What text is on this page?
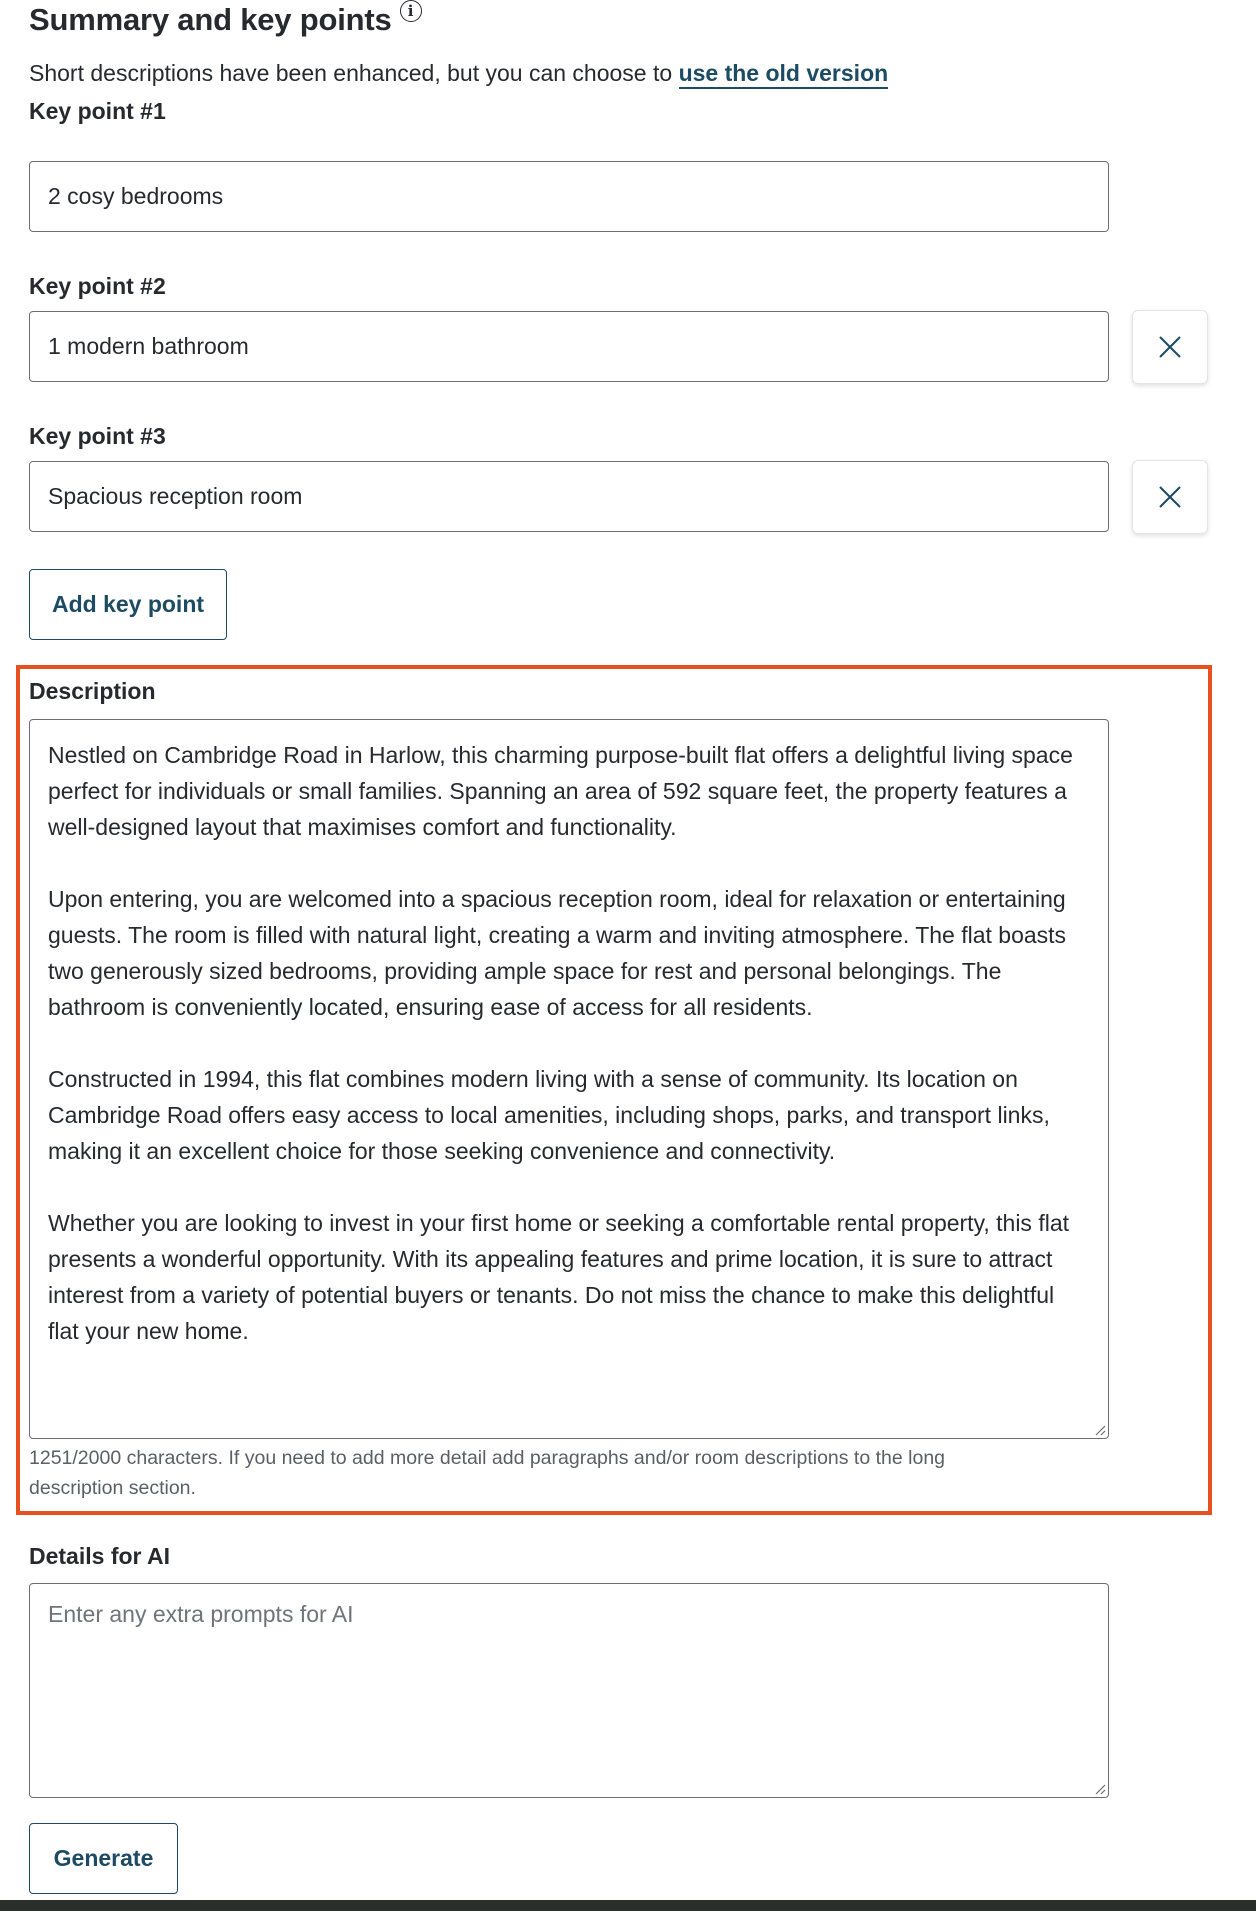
Summary and key points	i
Short descriptions have been enhanced, but you can choose to use the old version
Key point #1
2 cosy bedrooms
Key point #2
1 modern bathroom
Key point #3
Spacious reception room
Add key point
Description

Nestled on Cambridge Road in Harlow, this charming purpose-built flat offers a delightful living space perfect for individuals or small families. Spanning an area of 592 square feet, the property features a well-designed layout that maximises comfort and functionality.

Upon entering, you are welcomed into a spacious reception room, ideal for relaxation or entertaining guests. The room is filled with natural light, creating a warm and inviting atmosphere. The flat boasts two generously sized bedrooms, providing ample space for rest and personal belongings. The bathroom is conveniently located, ensuring ease of access for all residents.

Constructed in 1994, this flat combines modern living with a sense of community. Its location on Cambridge Road offers easy access to local amenities, including shops, parks, and transport links, making it an excellent choice for those seeking convenience and connectivity.

Whether you are looking to invest in your first home or seeking a comfortable rental property, this flat presents a wonderful opportunity. With its appealing features and prime location, it is sure to attract interest from a variety of potential buyers or tenants. Do not miss the chance to make this delightful flat your new home.

1251/2000 characters. If you need to add more detail add paragraphs and/or room descriptions to the long description section.
Details for AI
Enter any extra prompts for AI
Generate
